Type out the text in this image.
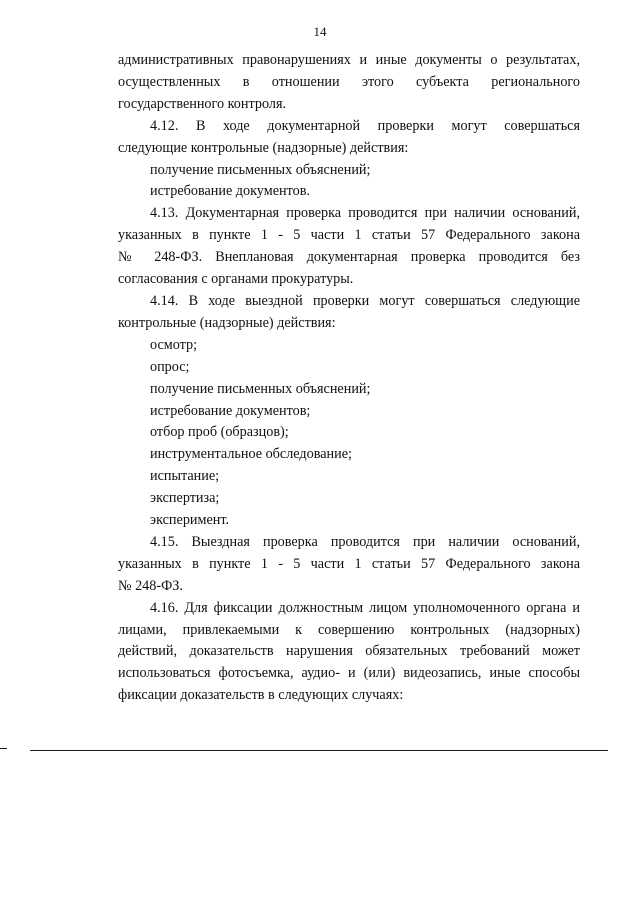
14

административных правонарушениях и иные документы о результатах,

осуществленных в отношении этого субъекта регионального

государственного контроля.

4.12. В ходе документарной проверки могут совершаться

следующие контрольные (надзорные) действия:

получение письменных объяснений;

истребование документов.

4.13. Документарная проверка проводится при наличии оснований,

указанных в пункте 1 - 5 части 1 статьи 57 Федерального закона

№ 248-ФЗ. Внеплановая документарная проверка проводится без

согласования с органами прокуратуры.

4.14. В ходе выездной проверки могут совершаться следующие

контрольные (надзорные) действия:

осмотр;

опрос;

получение письменных объяснений;

истребование документов;

отбор проб (образцов);

инструментальное обследование;

испытание;

экспертиза;

эксперимент.

4.15. Выездная проверка проводится при наличии оснований,

указанных в пункте 1 - 5 части 1 статьи 57 Федерального закона

№ 248-ФЗ.

4.16. Для фиксации должностным лицом уполномоченного органа и

лицами, привлекаемыми к совершению контрольных (надзорных)

действий, доказательств нарушения обязательных требований может

использоваться фотосъемка, аудио- и (или) видеозапись, иные способы

фиксации доказательств в следующих случаях:
